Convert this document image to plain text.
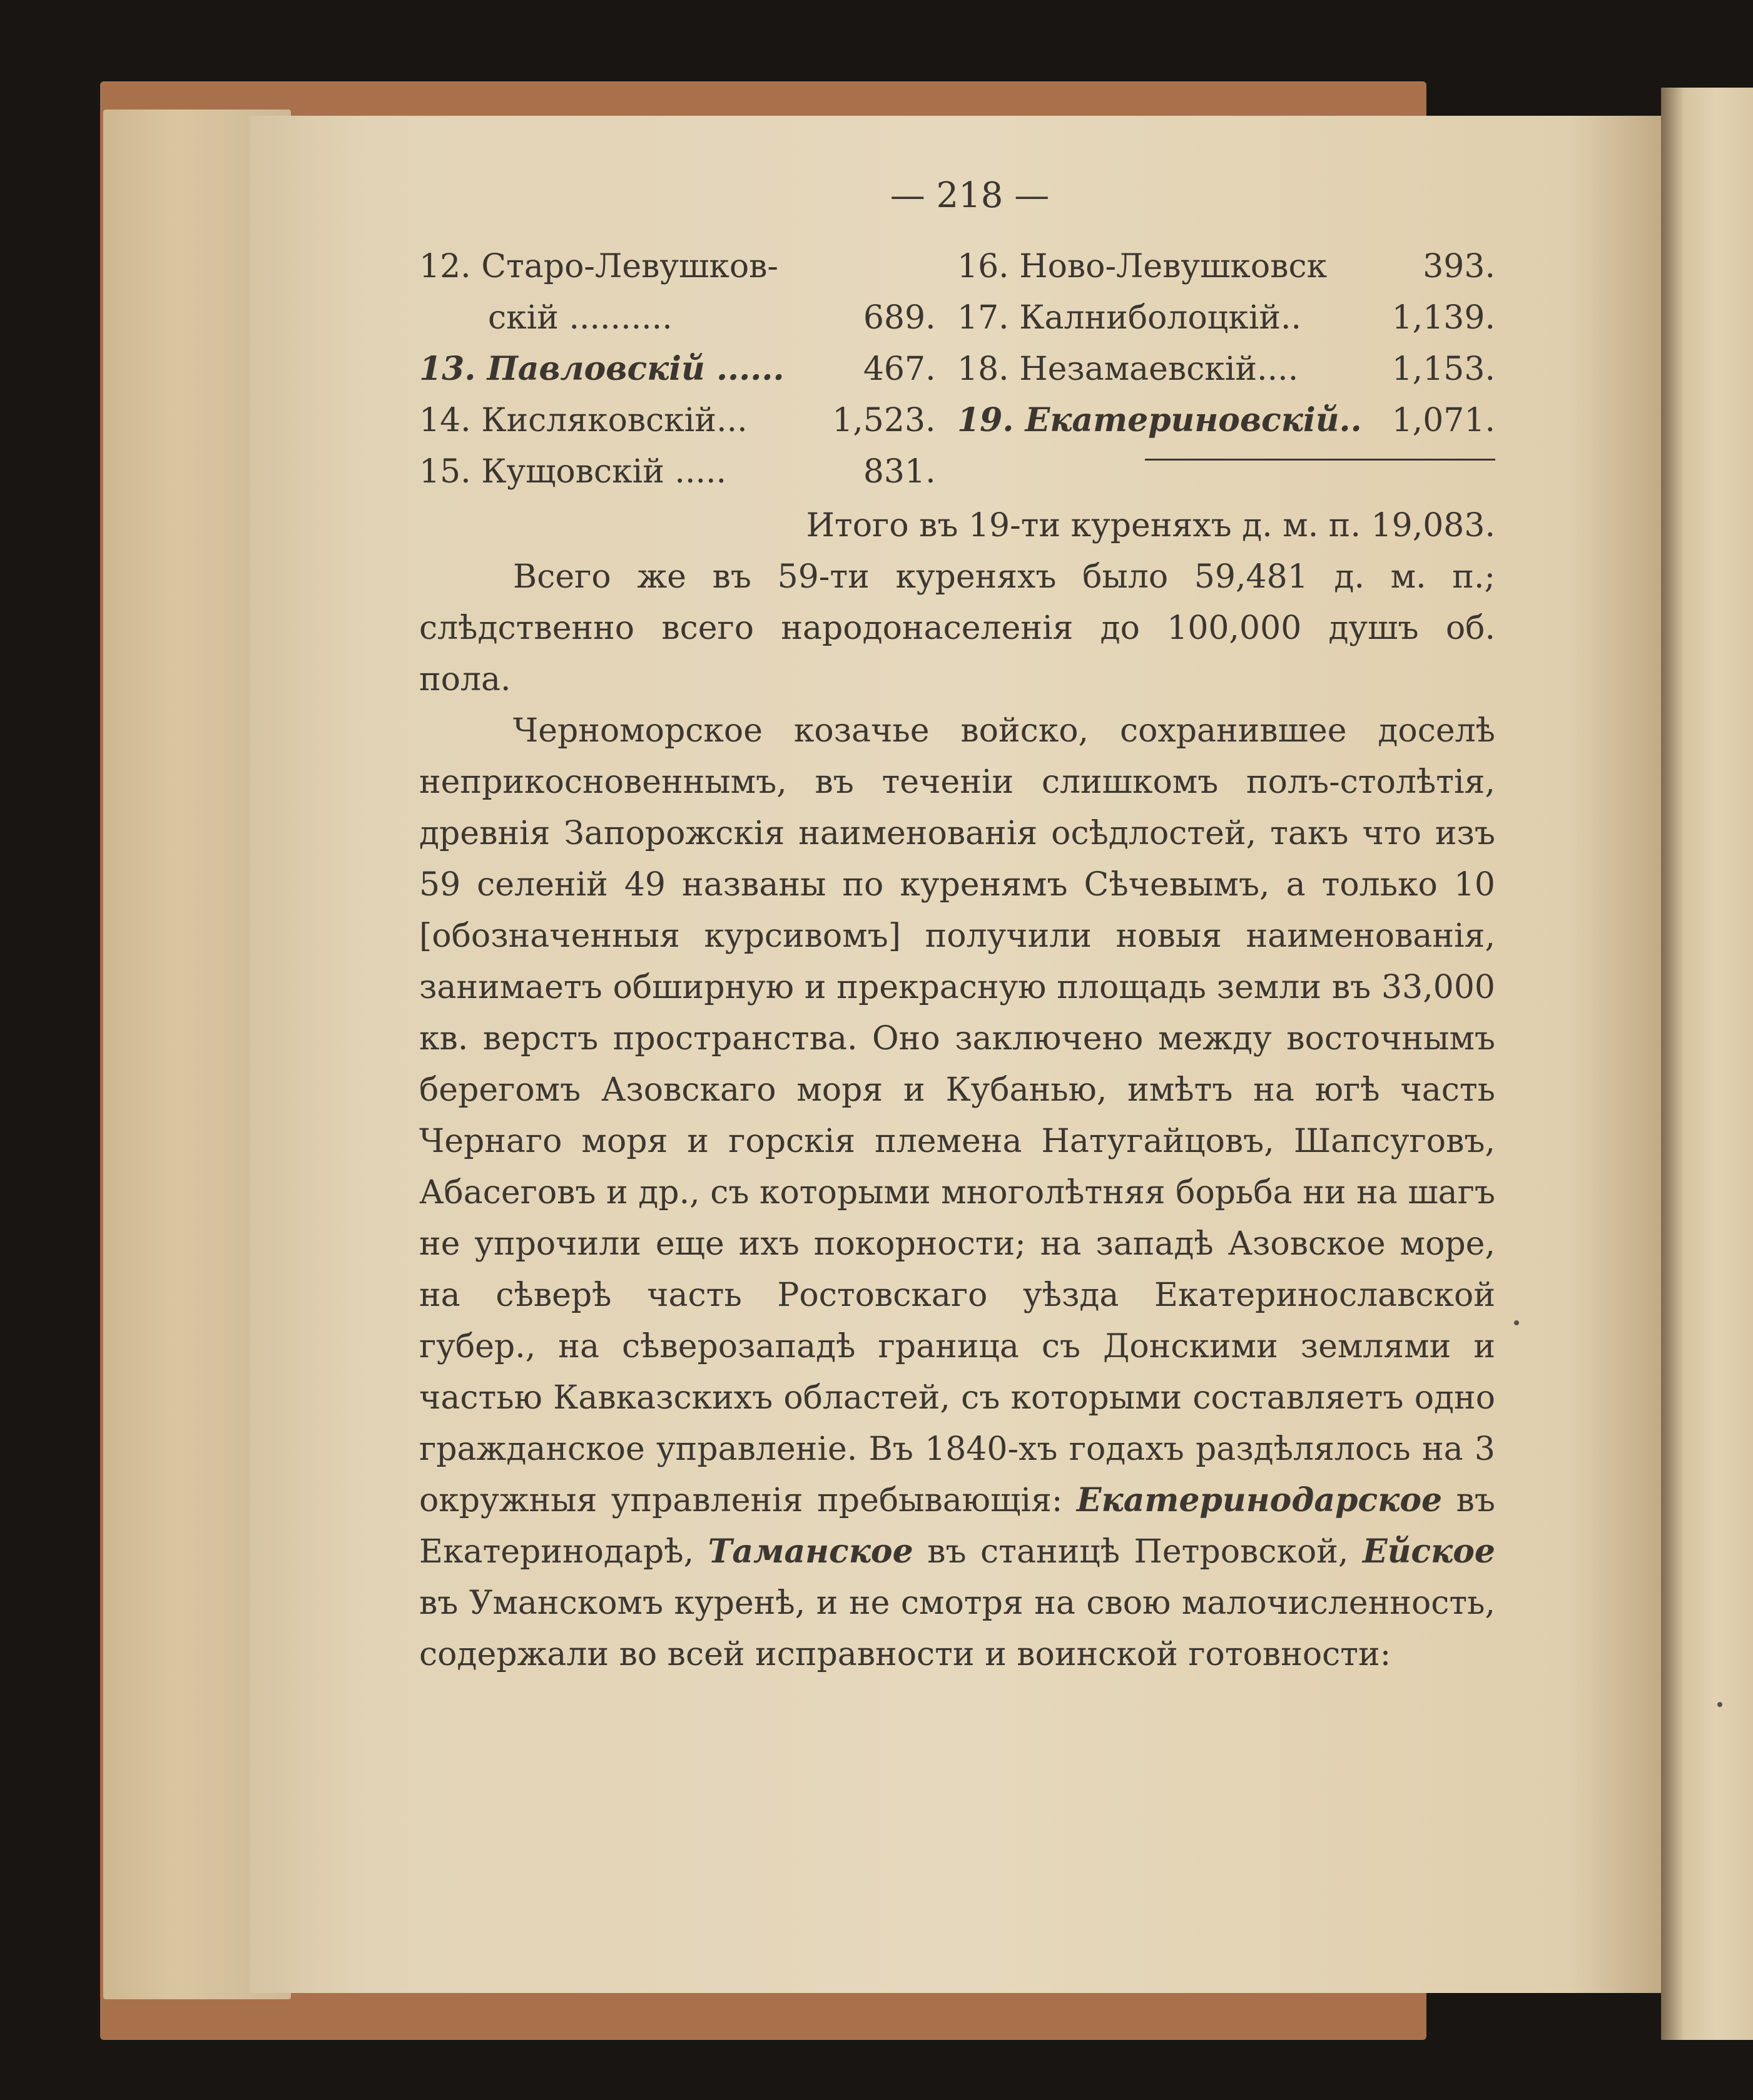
— 218 —
12. Старо-Левушков-
скій ..........	689.
13. Павловскій ...... 467.
14. Кисляковскій...	1,523.
15. Кущовскій .....	831.
16. Ново-Левушковск	393.
17. Калниболоцкій..	1,139.
18. Незамаевскій....	1,153.
19. Екатериновскій.. 1,071.
Итого въ 19-ти куреняхъ д. м. п. 19,083.

Всего же въ 59-ти куреняхъ было 59,481 д. м. п.; слѣдственно всего народонаселенія до 100,000 душъ об. пола.

Черноморское козачье войско, сохранившее доселѣ неприкосновеннымъ, въ теченіи слишкомъ полъ-столѣтія, древнія Запорожскія наименованія осѣдлостей, такъ что изъ 59 селеній 49 названы по куренямъ Сѣчевымъ, а только 10 [обозначенныя курсивомъ] получили новыя наименованія, занимаетъ обширную и прекрасную площадь земли въ 33,000 кв. верстъ пространства. Оно заключено между восточнымъ берегомъ Азовскаго моря и Кубанью, имѣтъ на югѣ часть Чернаго моря и горскія племена Натугайцовъ, Шапсуговъ, Абасеговъ и др., съ которыми многолѣтняя борьба ни на шагъ не упрочили еще ихъ покорности; на западѣ Азовское море, на сѣверѣ часть Ростовскаго уѣзда Екатеринославской губер., на сѣверозападѣ граница съ Донскими землями и частью Кавказскихъ областей, съ которыми составляетъ одно гражданское управленіе. Въ 1840-хъ годахъ раздѣлялось на 3 окружныя управленія пребывающія: Екатеринодарское въ Екатеринодарѣ, Таманское въ станицѣ Петровской, Ейское въ Уманскомъ куренѣ, и не смотря на свою малочисленность, содержали во всей исправности и воинской готовности:
